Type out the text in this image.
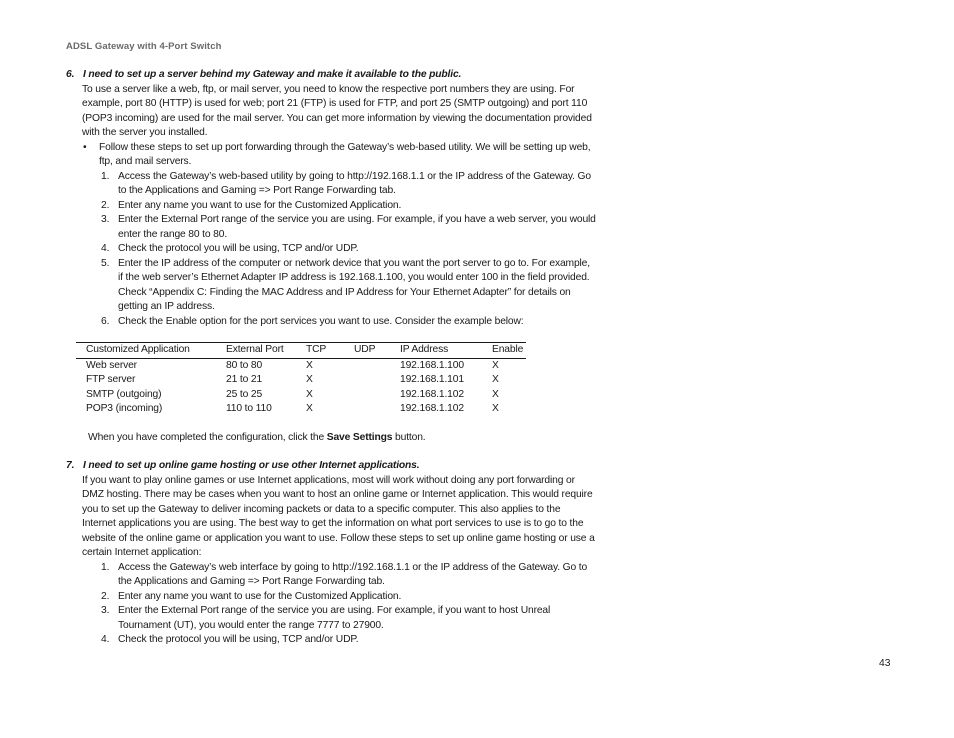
ADSL Gateway with 4-Port Switch

6. I need to set up a server behind my Gateway and make it available to the public.

To use a server like a web, ftp, or mail server, you need to know the respective port numbers they are using. For example, port 80 (HTTP) is used for web; port 21 (FTP) is used for FTP, and port 25 (SMTP outgoing) and port 110 (POP3 incoming) are used for the mail server. You can get more information by viewing the documentation provided with the server you installed.

• Follow these steps to set up port forwarding through the Gateway’s web-based utility. We will be setting up web, ftp, and mail servers.
1. Access the Gateway’s web-based utility by going to http://192.168.1.1 or the IP address of the Gateway. Go to the Applications and Gaming => Port Range Forwarding tab.
2. Enter any name you want to use for the Customized Application.
3. Enter the External Port range of the service you are using. For example, if you have a web server, you would enter the range 80 to 80.
4. Check the protocol you will be using, TCP and/or UDP.
5. Enter the IP address of the computer or network device that you want the port server to go to. For example, if the web server’s Ethernet Adapter IP address is 192.168.1.100, you would enter 100 in the field provided. Check “Appendix C: Finding the MAC Address and IP Address for Your Ethernet Adapter” for details on getting an IP address.
6. Check the Enable option for the port services you want to use. Consider the example below:
Customized Application	External Port	TCP	UDP	IP Address	Enable
Web server	80 to 80	X		192.168.1.100	X
FTP server	21 to 21	X		192.168.1.101	X
SMTP (outgoing)	25 to 25	X		192.168.1.102	X
POP3 (incoming)	110 to 110	X		192.168.1.102	X

When you have completed the configuration, click the Save Settings button.

7. I need to set up online game hosting or use other Internet applications.

If you want to play online games or use Internet applications, most will work without doing any port forwarding or DMZ hosting. There may be cases when you want to host an online game or Internet application. This would require you to set up the Gateway to deliver incoming packets or data to a specific computer. This also applies to the Internet applications you are using. The best way to get the information on what port services to use is to go to the website of the online game or application you want to use. Follow these steps to set up online game hosting or use a certain Internet application:

1. Access the Gateway’s web interface by going to http://192.168.1.1 or the IP address of the Gateway. Go to the Applications and Gaming => Port Range Forwarding tab.
2. Enter any name you want to use for the Customized Application.
3. Enter the External Port range of the service you are using. For example, if you want to host Unreal Tournament (UT), you would enter the range 7777 to 27900.
4. Check the protocol you will be using, TCP and/or UDP.
43
